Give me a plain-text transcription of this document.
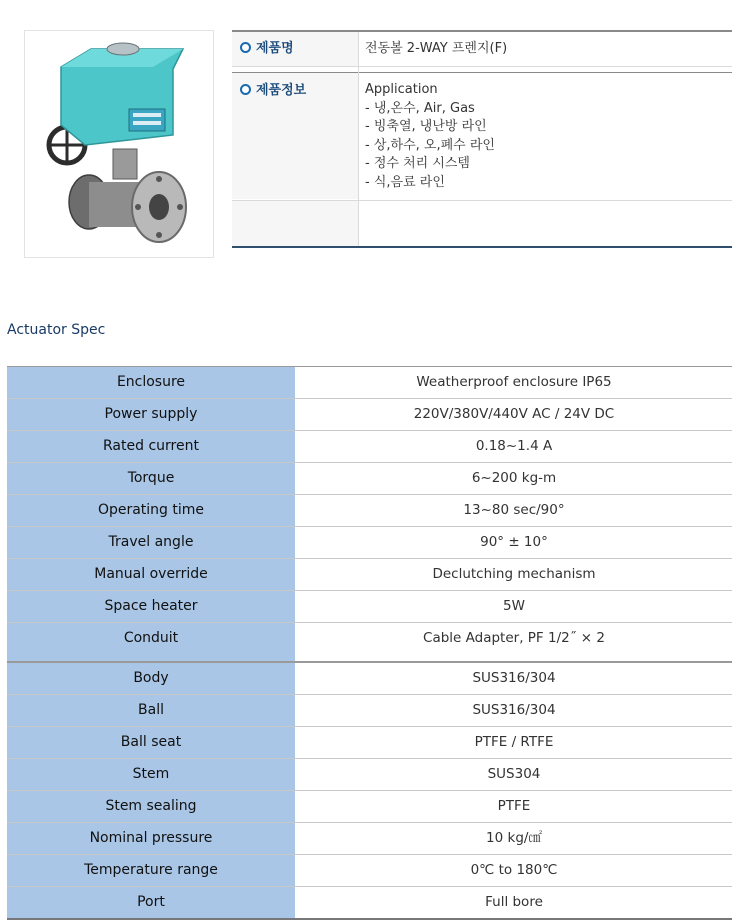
제품명	전동볼 2-WAY 프렌지(F)
제품정보	Application
- 냉,온수, Air, Gas
- 빙축열, 냉난방 라인
- 상,하수, 오,폐수 라인
- 정수 처리 시스템
- 식,음료 라인
Actuator Spec
Enclosure	Weatherproof enclosure IP65
Power supply	220V/380V/440V AC / 24V DC
Rated current	0.18~1.4 A
Torque	6~200 kg-m
Operating time	13~80 sec/90°
Travel angle	90° ± 10°
Manual override	Declutching mechanism
Space heater	5W
Conduit	Cable Adapter, PF 1/2˝ × 2
Body	SUS316/304
Ball	SUS316/304
Ball seat	PTFE / RTFE
Stem	SUS304
Stem sealing	PTFE
Nominal pressure	10 kg/㎠
Temperature range	0℃ to 180℃
Port	Full bore
